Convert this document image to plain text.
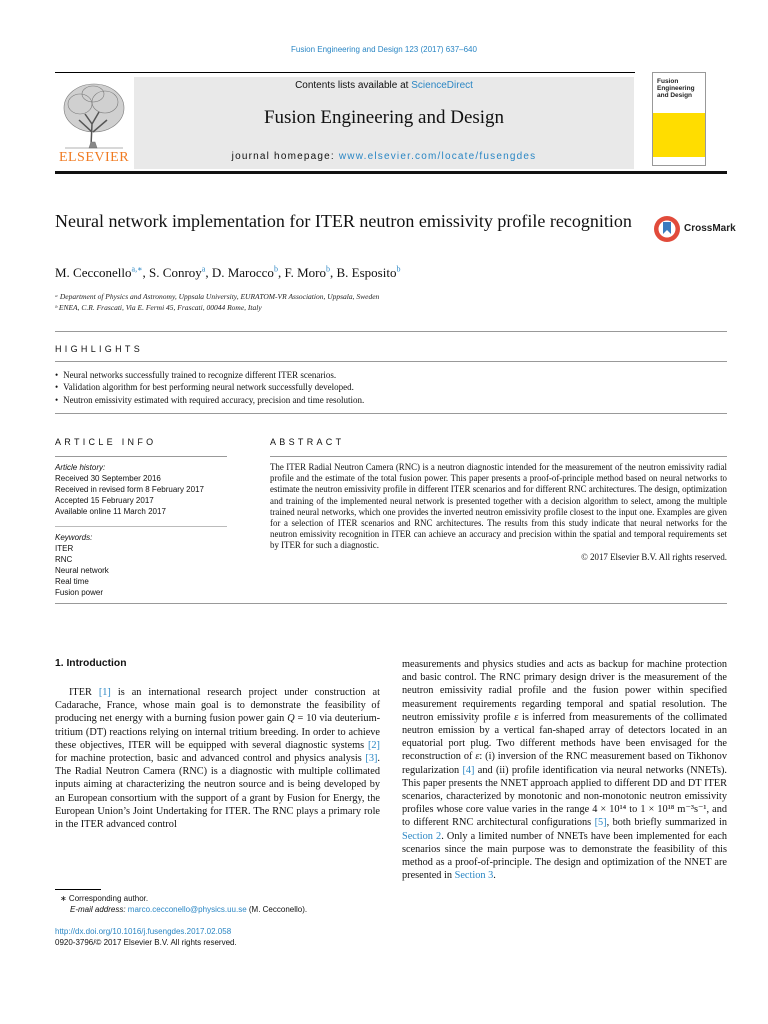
Fusion Engineering and Design 123 (2017) 637–640
ELSEVIER
Contents lists available at ScienceDirect
Fusion Engineering and Design
journal homepage: www.elsevier.com/locate/fusengdes
Fusion Engineering and Design
Neural network implementation for ITER neutron emissivity profile recognition	CrossMark
M. Cecconello$^{a,∗}$, S. Conroy$^a$, D. Marocco$^b$, F. Moro$^b$, B. Esposito$^b$
ᵃ Department of Physics and Astronomy, Uppsala University, EURATOM-VR Association, Uppsala, Sweden
ᵇ ENEA, C.R. Frascati, Via E. Fermi 45, Frascati, 00044 Rome, Italy
HIGHLIGHTS
• Neural networks successfully trained to recognize different ITER scenarios.
• Validation algorithm for best performing neural network successfully developed.
• Neutron emissivity estimated with required accuracy, precision and time resolution.
ARTICLE INFO	ABSTRACT
Article history:
Received 30 September 2016
Received in revised form 8 February 2017
Accepted 15 February 2017
Available online 11 March 2017
Keywords:
ITER
RNC
Neural network
Real time
Fusion power
The ITER Radial Neutron Camera (RNC) is a neutron diagnostic intended for the measurement of the neutron emissivity radial profile and the estimate of the total fusion power. This paper presents a proof-of-principle method based on neural networks to estimate the neutron emissivity profile in different ITER scenarios and for different RNC architectures. The design, optimization and training of the implemented neural network is presented together with a decision algorithm to select, among the multiple trained neural networks, which one provides the inverted neutron emissivity profile closest to the input one. Examples are given for a selection of ITER scenarios and RNC architectures. The results from this study indicate that neural networks for the neutron emissivity recognition in ITER can achieve an accuracy and precision within the spatial and temporal requirements set by ITER for such a diagnostic.
© 2017 Elsevier B.V. All rights reserved.
1. Introduction

ITER [1] is an international research project under construction at Cadarache, France, whose main goal is to demonstrate the feasibility of producing net energy with a burning fusion power gain Q = 10 via deuterium-tritium (DT) reactions relying on internal tritium breeding. In order to achieve these objectives, ITER will be equipped with several diagnostic systems [2] for machine protection, basic and advanced control and physics analysis [3]. The Radial Neutron Camera (RNC) is a diagnostic with multiple collimated inputs aiming at characterizing the neutron source and is being developed by an European consortium with the support of a grant by Fusion for Energy, the European Union’s Joint Undertaking for ITER. The RNC plays a primary role in the ITER advanced control

measurements and physics studies and acts as backup for machine protection and basic control. The RNC primary design driver is the measurement of the neutron emissivity radial profile and the fusion power within specified measurement requirements regarding temporal and spatial resolution. The neutron emissivity profile ε is inferred from measurements of the collimated neutron emission by a vertical fan-shaped array of detectors located in an equatorial port plug. Two different methods have been envisaged for the reconstruction of ε: (i) inversion of the RNC measurement based on Tikhonov regularization [4] and (ii) profile identification via neural networks (NNETs). This paper presents the NNET approach applied to different DD and DT ITER scenarios, characterized by monotonic and non-monotonic neutron emissivity profiles whose core value varies in the range 4 × 10¹⁴ to 1 × 10¹⁸ m⁻³s⁻¹, and to different RNC architectural configurations [5], both briefly summarized in Section 2. Only a limited number of NNETs have been implemented for each scenarios since the main purpose was to demonstrate the feasibility of this method as a proof-of-principle. The design and optimization of the NNET are presented in Section 3.

∗ Corresponding author.
E-mail address: marco.cecconello@physics.uu.se (M. Cecconello).
http://dx.doi.org/10.1016/j.fusengdes.2017.02.058
0920-3796/© 2017 Elsevier B.V. All rights reserved.
